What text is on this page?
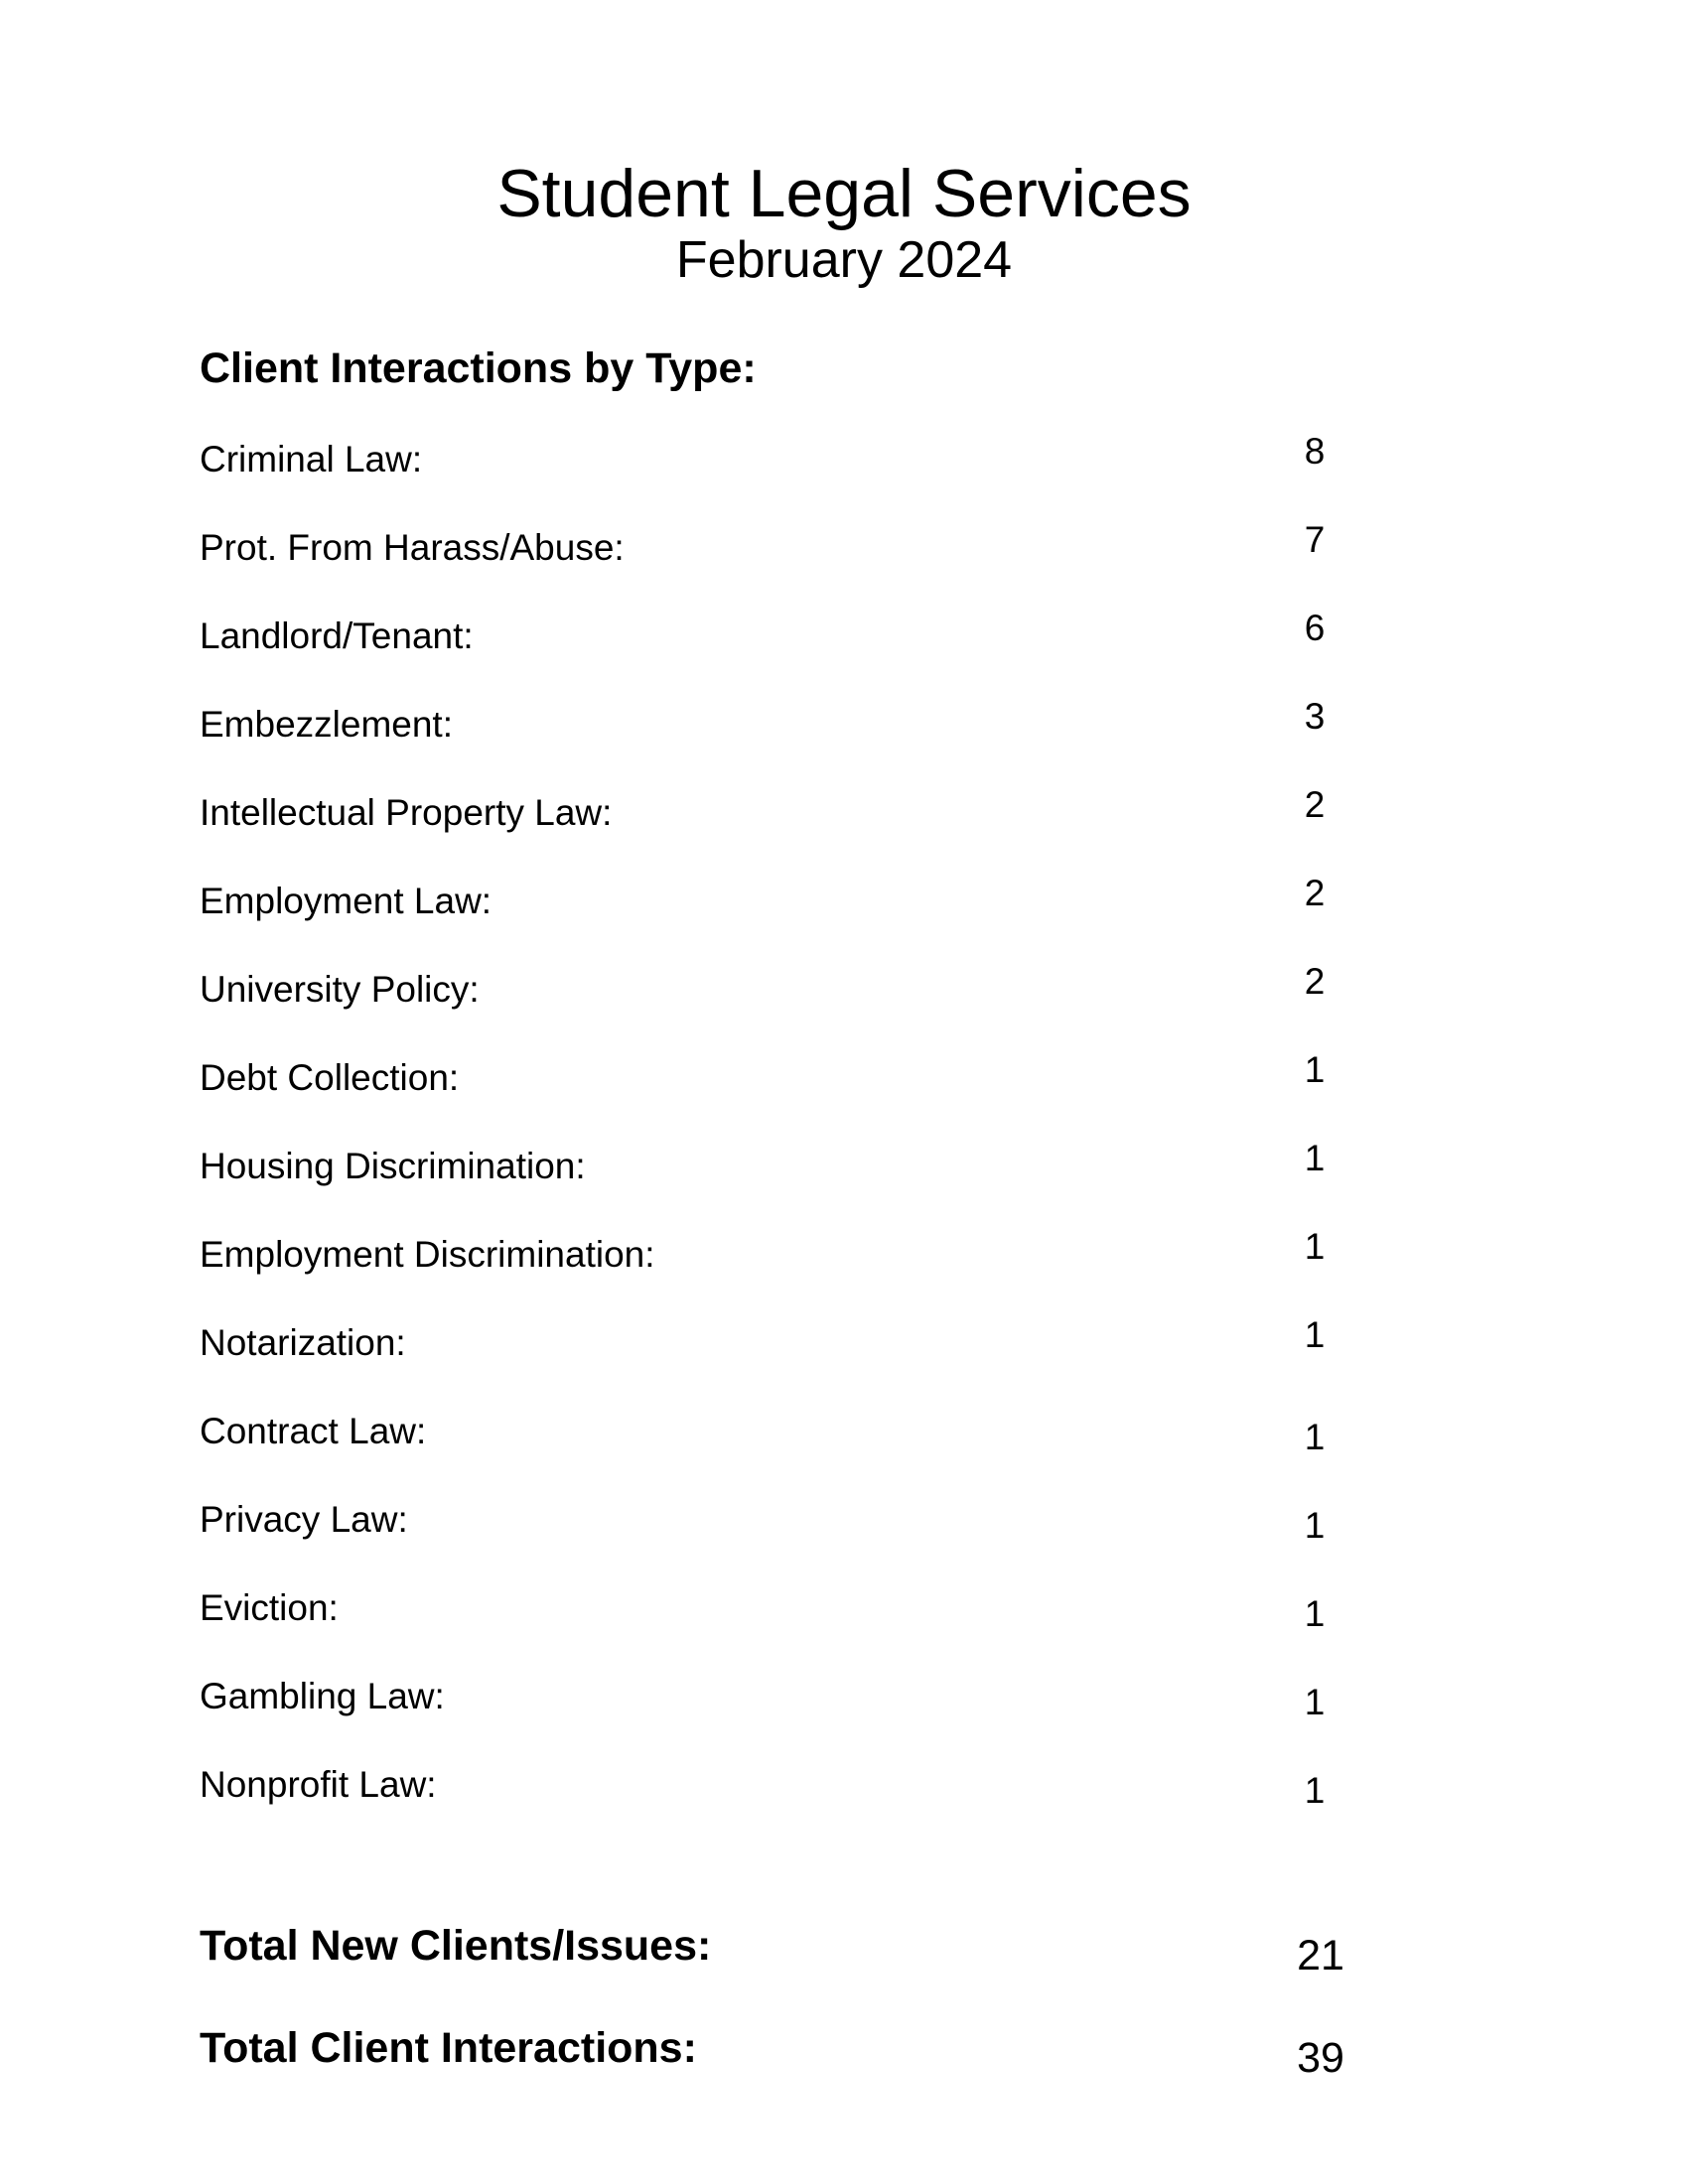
Student Legal Services
February 2024
Client Interactions by Type:
Criminal Law:	8
Prot. From Harass/Abuse:	7
Landlord/Tenant:	6
Embezzlement:	3
Intellectual Property Law:	2
Employment Law:	2
University Policy:	2
Debt Collection:	1
Housing Discrimination:	1
Employment Discrimination:	1
Notarization:	1
Contract Law:	1
Privacy Law:	1
Eviction:	1
Gambling Law:	1
Nonprofit Law:	1
Total New Clients/Issues:	21
Total Client Interactions:	39
